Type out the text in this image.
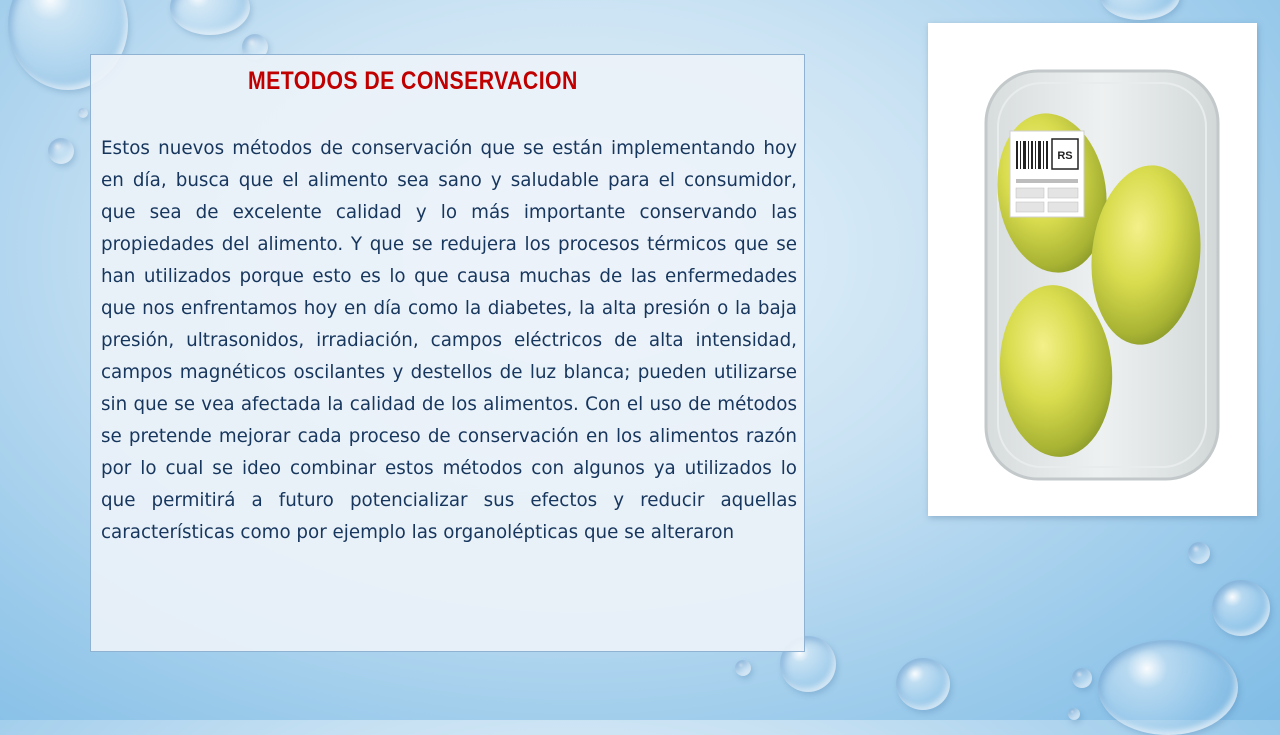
METODOS DE CONSERVACION

Estos nuevos métodos de conservación que se están implementando hoy en día, busca que el alimento sea sano y saludable para el consumidor, que sea de excelente calidad y lo más importante conservando las propiedades del alimento. Y que se redujera los procesos térmicos que se han utilizados porque esto es lo que causa muchas de las enfermedades que nos enfrentamos hoy en día como la diabetes, la alta presión o la baja presión, ultrasonidos, irradiación, campos eléctricos de alta intensidad, campos magnéticos oscilantes y destellos de luz blanca; pueden utilizarse sin que se vea afectada la calidad de los alimentos. Con el uso de métodos se pretende mejorar cada proceso de conservación en los alimentos razón por lo cual se ideo combinar estos métodos con algunos ya utilizados lo que permitirá a futuro potencializar sus efectos y reducir aquellas características como por ejemplo las organolépticas que se alteraron

RS
